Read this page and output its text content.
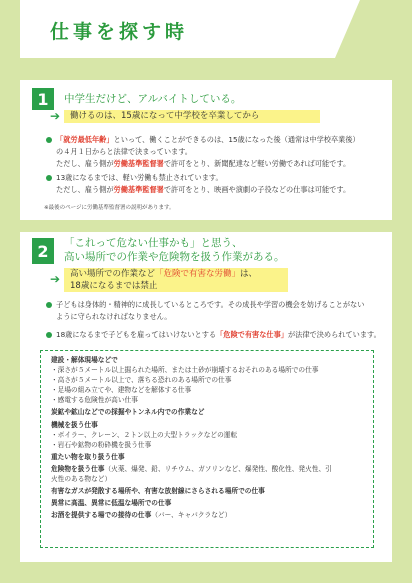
仕事を探す時
1	中学生だけど、アルバイトしている。
➔	働けるのは、15歳になって中学校を卒業してから
「就労最低年齢」といって、働くことができるのは、15歳になった後（通常は中学校卒業後）
の４月１日からと法律で決まっています。
ただし、雇う側が労働基準監督署で許可をとり、新聞配達など軽い労働であれば可能です。
13歳になるまでは、軽い労働も禁止されています。
ただし、雇う側が労働基準監督署で許可をとり、映画や演劇の子役などの仕事は可能です。
※最後のページに労働基準監督署の説明があります。
2	「これって危ない仕事かも」と思う、
高い場所での作業や危険物を扱う作業がある。
➔ 高い場所での作業など「危険で有害な労働」は、
18歳になるまでは禁止
子どもは身体的・精神的に成長しているところです。その成長や学習の機会を妨げることがない
ように守られなければなりません。
18歳になるまで子どもを雇ってはいけないとする「危険で有害な仕事」が法律で決められています。
建設・解体現場などで
・深さが５メートル以上掘られた場所、または土砂が崩壊するおそれのある場所での仕事
・高さが５メートル以上で、落ちる恐れのある場所での仕事
・足場の組み立てや、建物などを解体する仕事
・感電する危険性が高い仕事
炭鉱や鉱山などでの採掘やトンネル内での作業など
機械を扱う仕事
・ボイラー、クレーン、２トン以上の大型トラックなどの運転
・岩石や鉱物の粉砕機を扱う仕事
重たい物を取り扱う仕事
危険物を扱う仕事（火薬、爆発、鉛、リチウム、ガソリンなど、爆発性、酸化性、発火性、引
火性のある物など）
有害なガスが発散する場所や、有害な放射線にさらされる場所での仕事
異常に高温、異常に低温な場所での仕事
お酒を提供する場での接待の仕事（バー、キャバクラなど）
